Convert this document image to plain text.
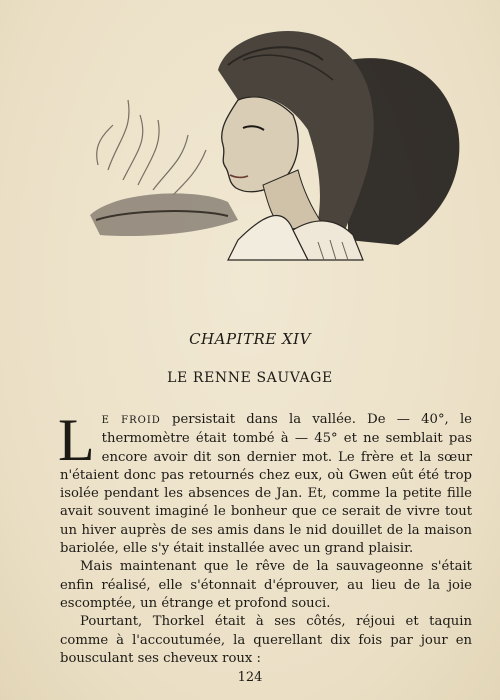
CHAPITRE XIV
LE RENNE SAUVAGE

L E FROID persistait dans la vallée. De — 40°, le thermomètre était tombé à — 45° et ne semblait pas encore avoir dit son dernier mot. Le frère et la sœur n'étaient donc pas retournés chez eux, où Gwen eût été trop isolée pendant les absences de Jan. Et, comme la petite fille avait souvent imaginé le bonheur que ce serait de vivre tout un hiver auprès de ses amis dans le nid douillet de la maison bariolée, elle s'y était installée avec un grand plaisir.

Mais maintenant que le rêve de la sauvageonne s'était enfin réalisé, elle s'étonnait d'éprouver, au lieu de la joie escomptée, un étrange et profond souci.

Pourtant, Thorkel était à ses côtés, réjoui et taquin comme à l'accoutumée, la querellant dix fois par jour en bousculant ses cheveux roux :

124
